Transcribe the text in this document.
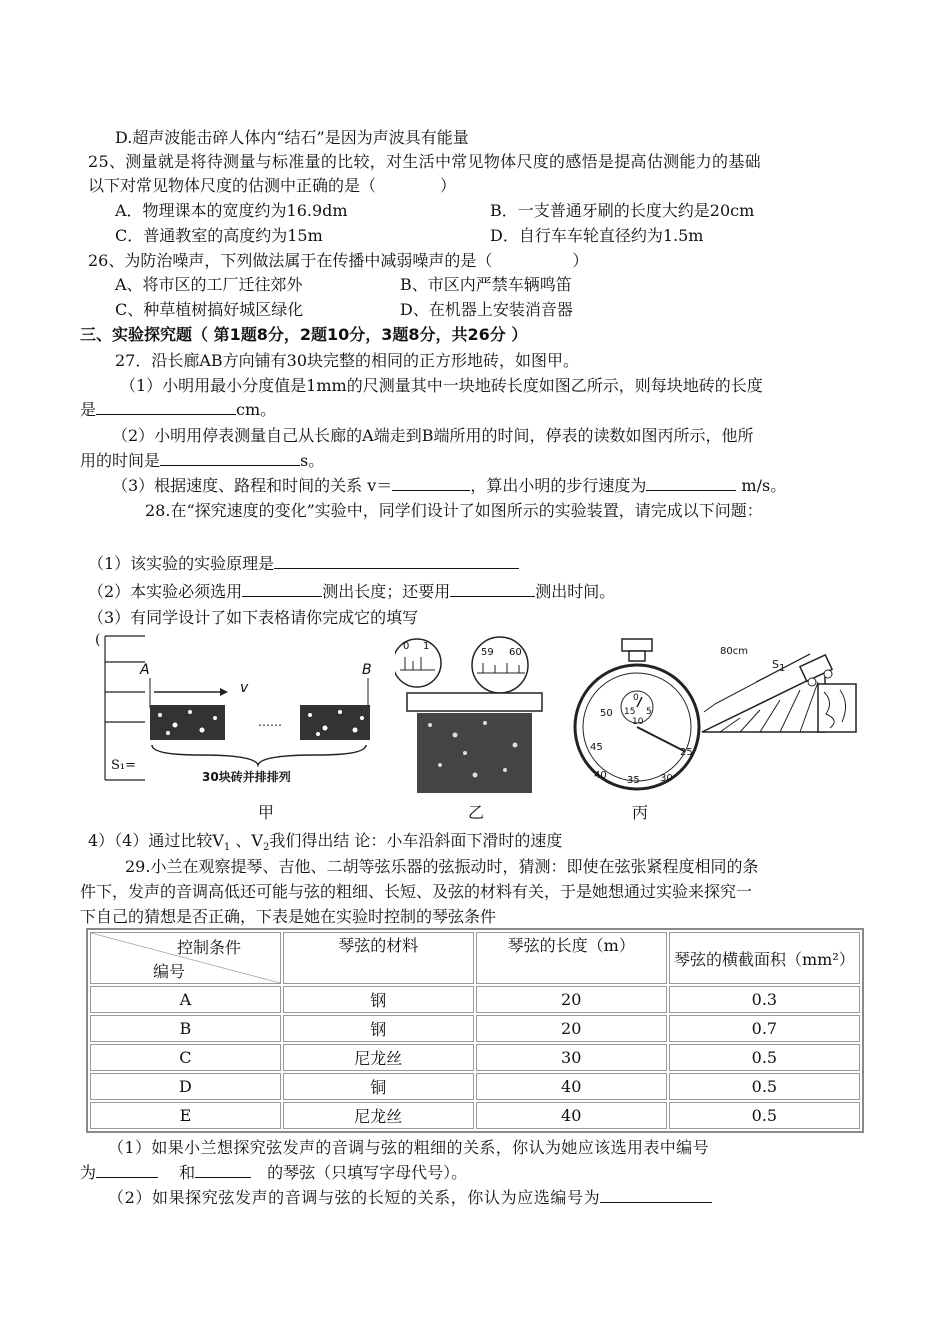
D.超声波能击碎人体内“结石”是因为声波具有能量
25、测量就是将待测量与标准量的比较，对生活中常见物体尺度的感悟是提高估测能力的基础
以下对常见物体尺度的估测中正确的是（　　　　）
A．物理课本的宽度约为16.9dm	B．一支普通牙刷的长度大约是20cm
C．普通教室的高度约为15m	D．自行车车轮直径约为1.5m
26、为防治噪声，下列做法属于在传播中减弱噪声的是（　　　　　）
A、将市区的工厂迁往郊外	B、市区内严禁车辆鸣笛
C、种草植树搞好城区绿化	D、在机器上安装消音器
三、实验探究题（ 第1题8分，2题10分，3题8分，共26分 ）
27．沿长廊AB方向铺有30块完整的相同的正方形地砖，如图甲。
（1）小明用最小分度值是1mm的尺测量其中一块地砖长度如图乙所示，则每块地砖的长度
是	cm。
（2）小明用停表测量自己从长廊的A端走到B端所用的时间，停表的读数如图丙所示，他所
用的时间是	s。
（3）根据速度、路程和时间的关系 v＝	，算出小明的步行速度为	m/s。
28.在“探究速度的变化”实验中，同学们设计了如图所示的实验装置，请完成以下问题：
（1）该实验的实验原理是
（2）本实验必须选用	测出长度；还要用	测出时间。
（3）有同学设计了如下表格请你完成它的填写
(
S₁=
A	B
v
……
30块砖并排排列
甲
0 1
59 60
乙
50
45
40 35 30
25
0
15 5
10
丙
80cm
$S_1$
4）（4）通过比较$V_1$ 、$V_2$我们得出结 论：小车沿斜面下滑时的速度
29.小兰在观察提琴、吉他、二胡等弦乐器的弦振动时，猜测：即使在弦张紧程度相同的条
件下，发声的音调高低还可能与弦的粗细、长短、及弦的材料有关，于是她想通过实验来探究一
下自己的猜想是否正确，下表是她在实验时控制的琴弦条件
控制条件
编号	琴弦的材料	琴弦的长度（m）	琴弦的横截面积（mm²）
A	钢	20	0.3
B	钢	20	0.7
C	尼龙丝	30	0.5
D	铜	40	0.5
E	尼龙丝	40	0.5
（1）如果小兰想探究弦发声的音调与弦的粗细的关系，你认为她应该选用表中编号
为　	和　	的琴弦（只填写字母代号）。
（2）如果探究弦发声的音调与弦的长短的关系，你认为应选编号为
